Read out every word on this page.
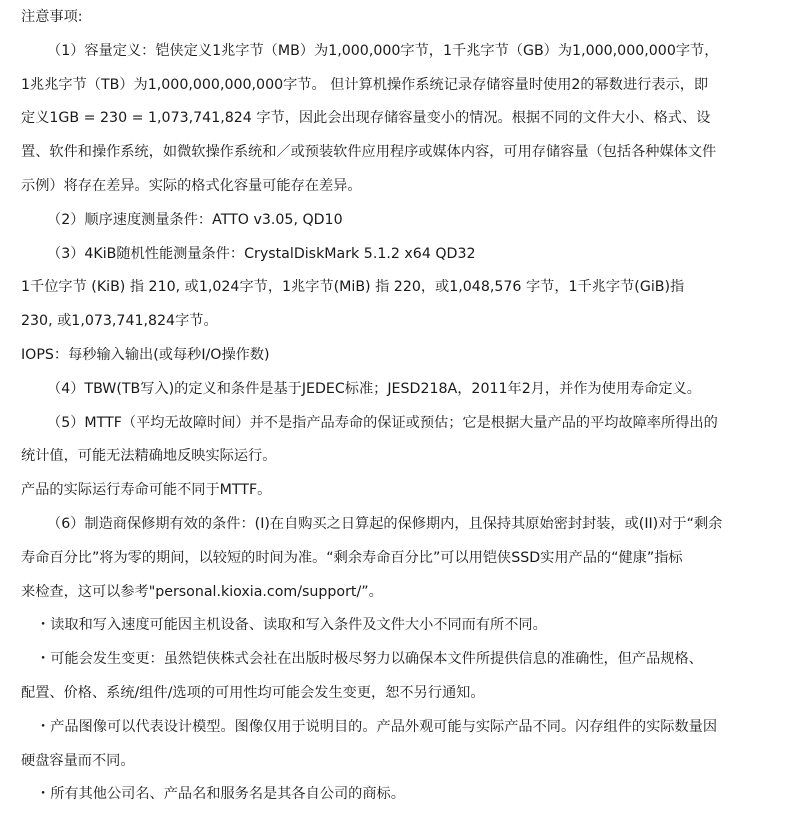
注意事项:

（1）容量定义：铠侠定义1兆字节（MB）为1,000,000字节，1千兆字节（GB）为1,000,000,000字节，

1兆兆字节（TB）为1,000,000,000,000字节。 但计算机操作系统记录存储容量时使用2的幂数进行表示，即

定义1GB = 230 = 1,073,741,824 字节，因此会出现存储容量变小的情况。根据不同的文件大小、格式、设

置、软件和操作系统，如微软操作系统和／或预装软件应用程序或媒体内容，可用存储容量（包括各种媒体文件

示例）将存在差异。实际的格式化容量可能存在差异。

（2）顺序速度测量条件：ATTO v3.05, QD10

（3）4KiB随机性能测量条件：CrystalDiskMark 5.1.2 x64 QD32

1千位字节 (KiB) 指 210, 或1,024字节，1兆字节(MiB) 指 220，或1,048,576 字节，1千兆字节(GiB)指

230, 或1,073,741,824字节。

IOPS：每秒输入输出(或每秒I/O操作数)

（4）TBW(TB写入)的定义和条件是基于JEDEC标准；JESD218A，2011年2月，并作为使用寿命定义。

（5）MTTF（平均无故障时间）并不是指产品寿命的保证或预估；它是根据大量产品的平均故障率所得出的

统计值，可能无法精确地反映实际运行。

产品的实际运行寿命可能不同于MTTF。

（6）制造商保修期有效的条件：(I)在自购买之日算起的保修期内，且保持其原始密封封装，或(II)对于“剩余

寿命百分比”将为零的期间，以较短的时间为准。“剩余寿命百分比”可以用铠侠SSD实用产品的“健康”指标

来检查，这可以参考"personal.kioxia.com/support/”。

・读取和写入速度可能因主机设备、读取和写入条件及文件大小不同而有所不同。

・可能会发生变更：虽然铠侠株式会社在出版时极尽努力以确保本文件所提供信息的准确性，但产品规格、

配置、价格、系统/组件/选项的可用性均可能会发生变更，恕不另行通知。

・产品图像可以代表设计模型。图像仅用于说明目的。产品外观可能与实际产品不同。闪存组件的实际数量因

硬盘容量而不同。

・所有其他公司名、产品名和服务名是其各自公司的商标。
